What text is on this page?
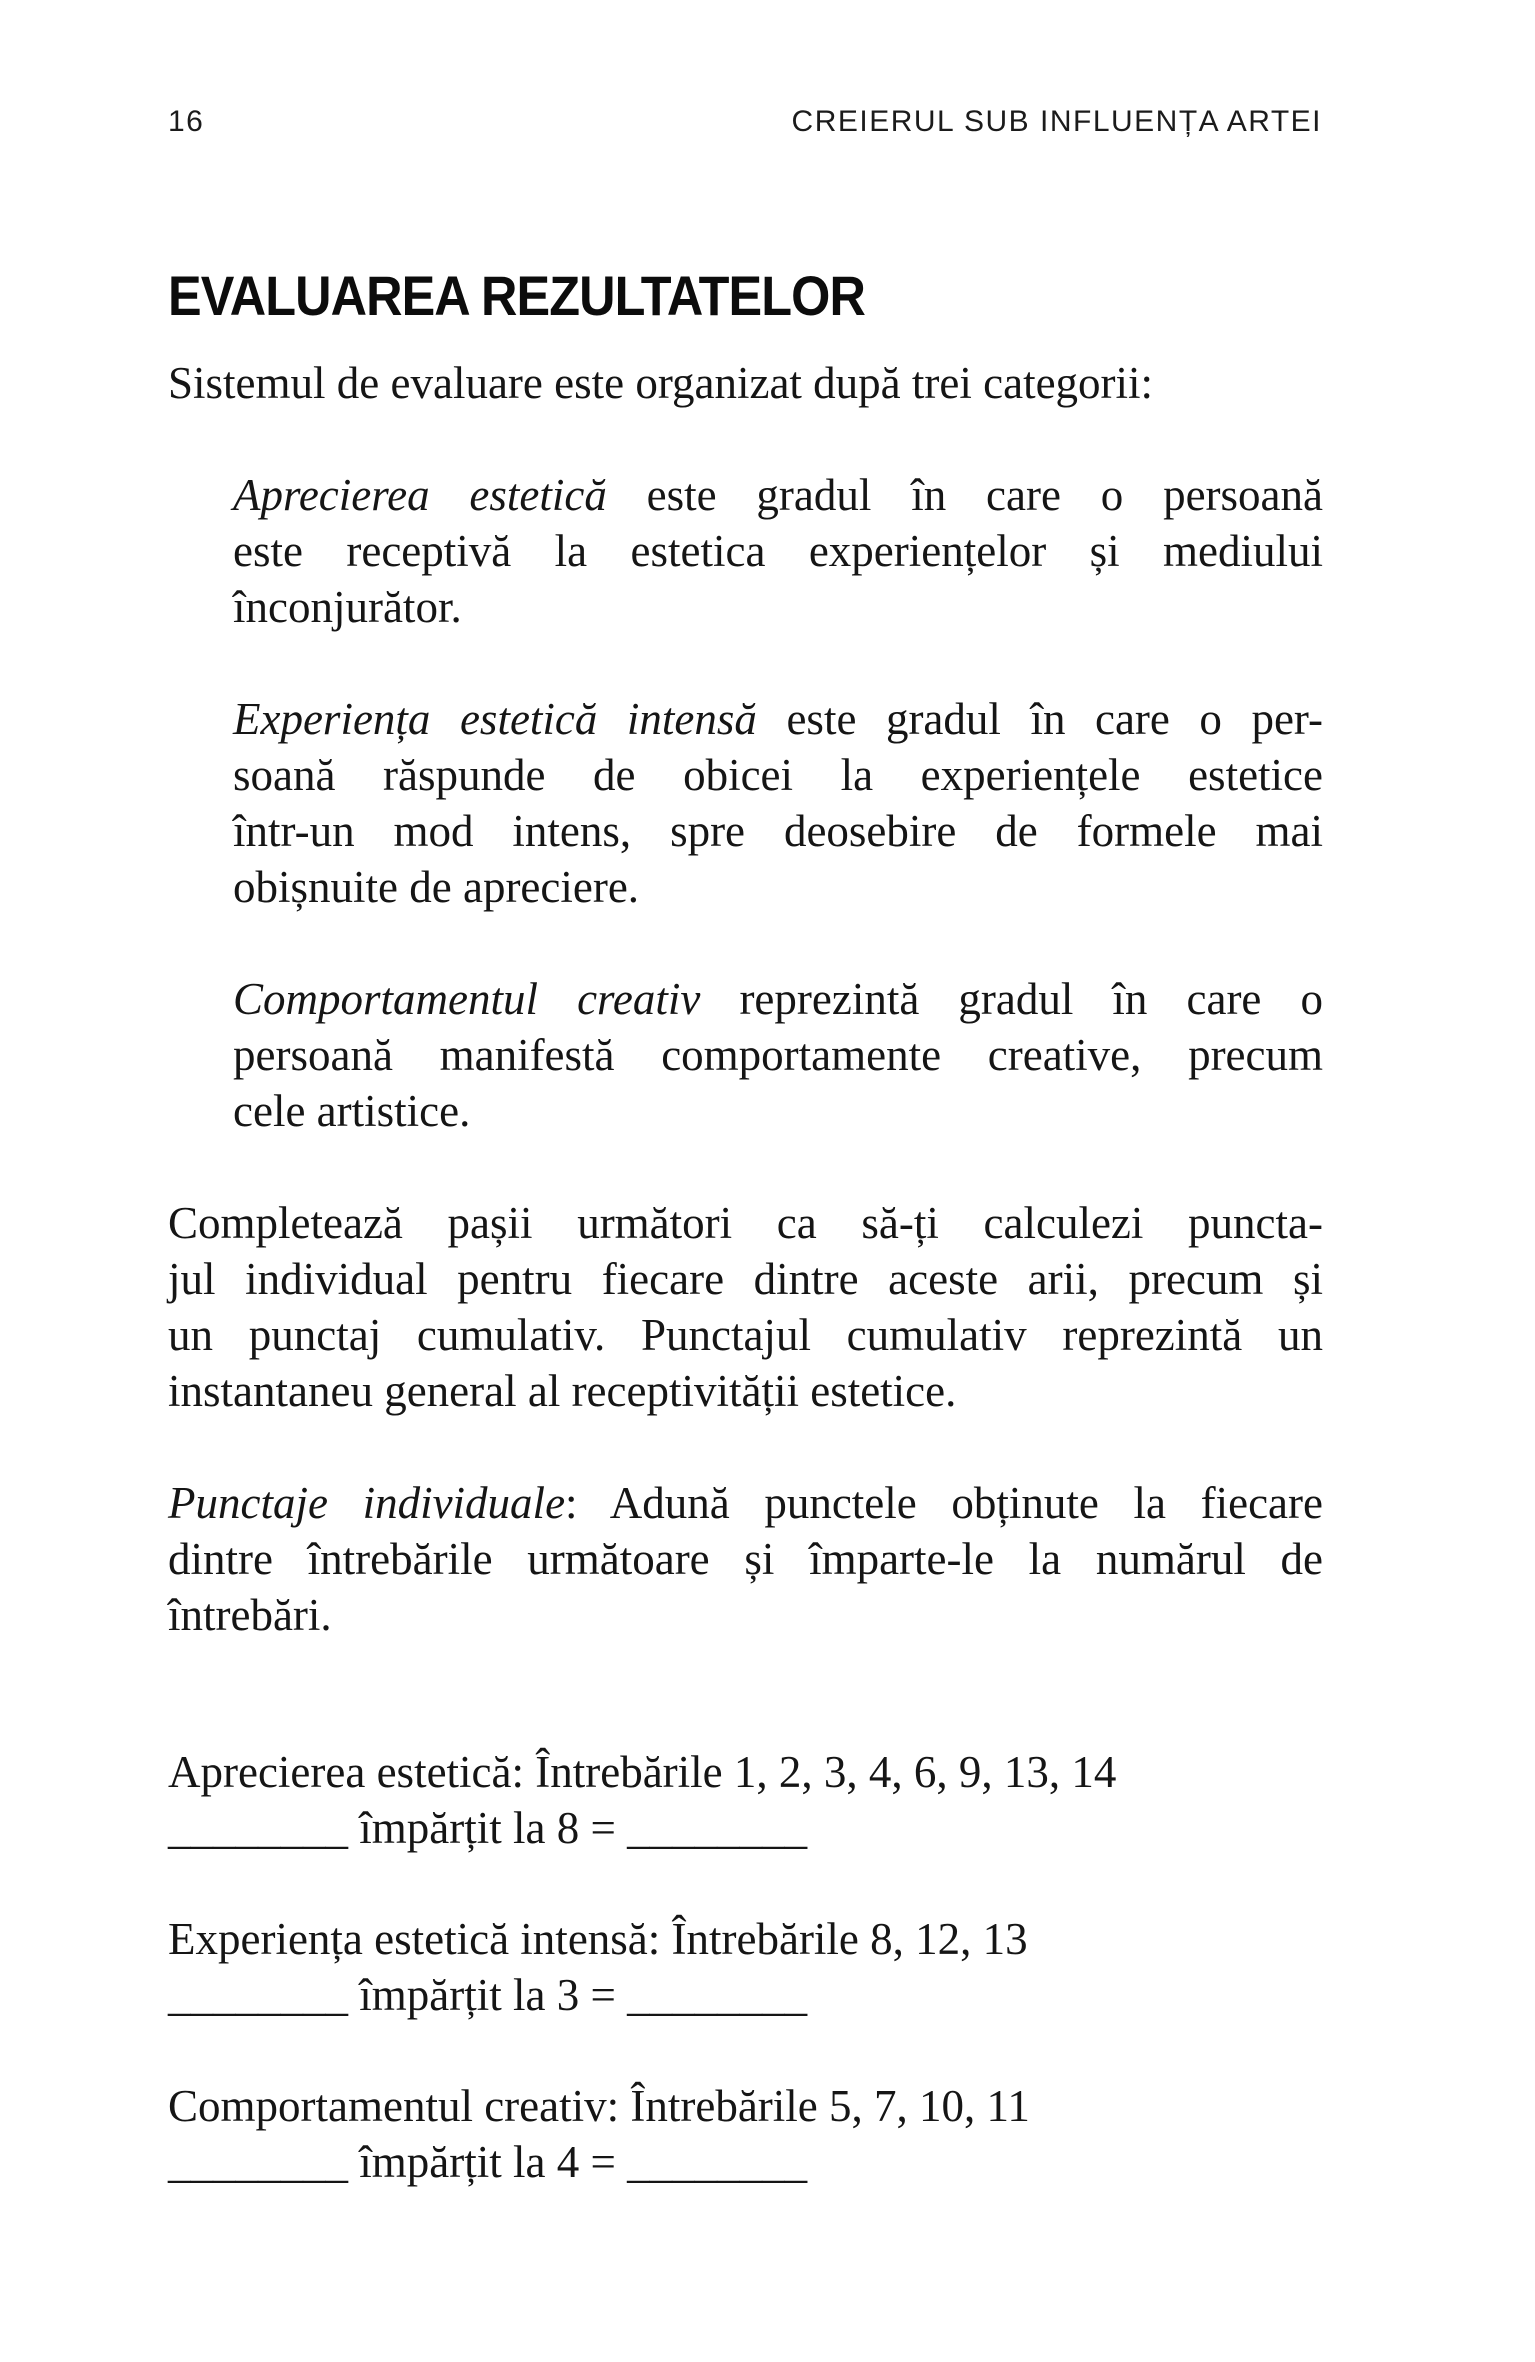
16	CREIERUL SUB INFLUENȚA ARTEI
EVALUAREA REZULTATELOR
Sistemul de evaluare este organizat după trei categorii:
Aprecierea estetică este gradul în care o persoană
este receptivă la estetica experiențelor și mediului
înconjurător.
Experiența estetică intensă este gradul în care o per-
soană răspunde de obicei la experiențele estetice
într-un mod intens, spre deosebire de formele mai
obișnuite de apreciere.
Comportamentul creativ reprezintă gradul în care o
persoană manifestă comportamente creative, precum
cele artistice.
Completează pașii următori ca să-ți calculezi puncta-
jul individual pentru fiecare dintre aceste arii, precum și
un punctaj cumulativ. Punctajul cumulativ reprezintă un
instantaneu general al receptivității estetice.
Punctaje individuale: Adună punctele obținute la fiecare
dintre întrebările următoare și împarte-le la numărul de
întrebări.
Aprecierea estetică: Întrebările 1, 2, 3, 4, 6, 9, 13, 14
________ împărțit la 8 = ________
Experiența estetică intensă: Întrebările 8, 12, 13
________ împărțit la 3 = ________
Comportamentul creativ: Întrebările 5, 7, 10, 11
________ împărțit la 4 = ________
